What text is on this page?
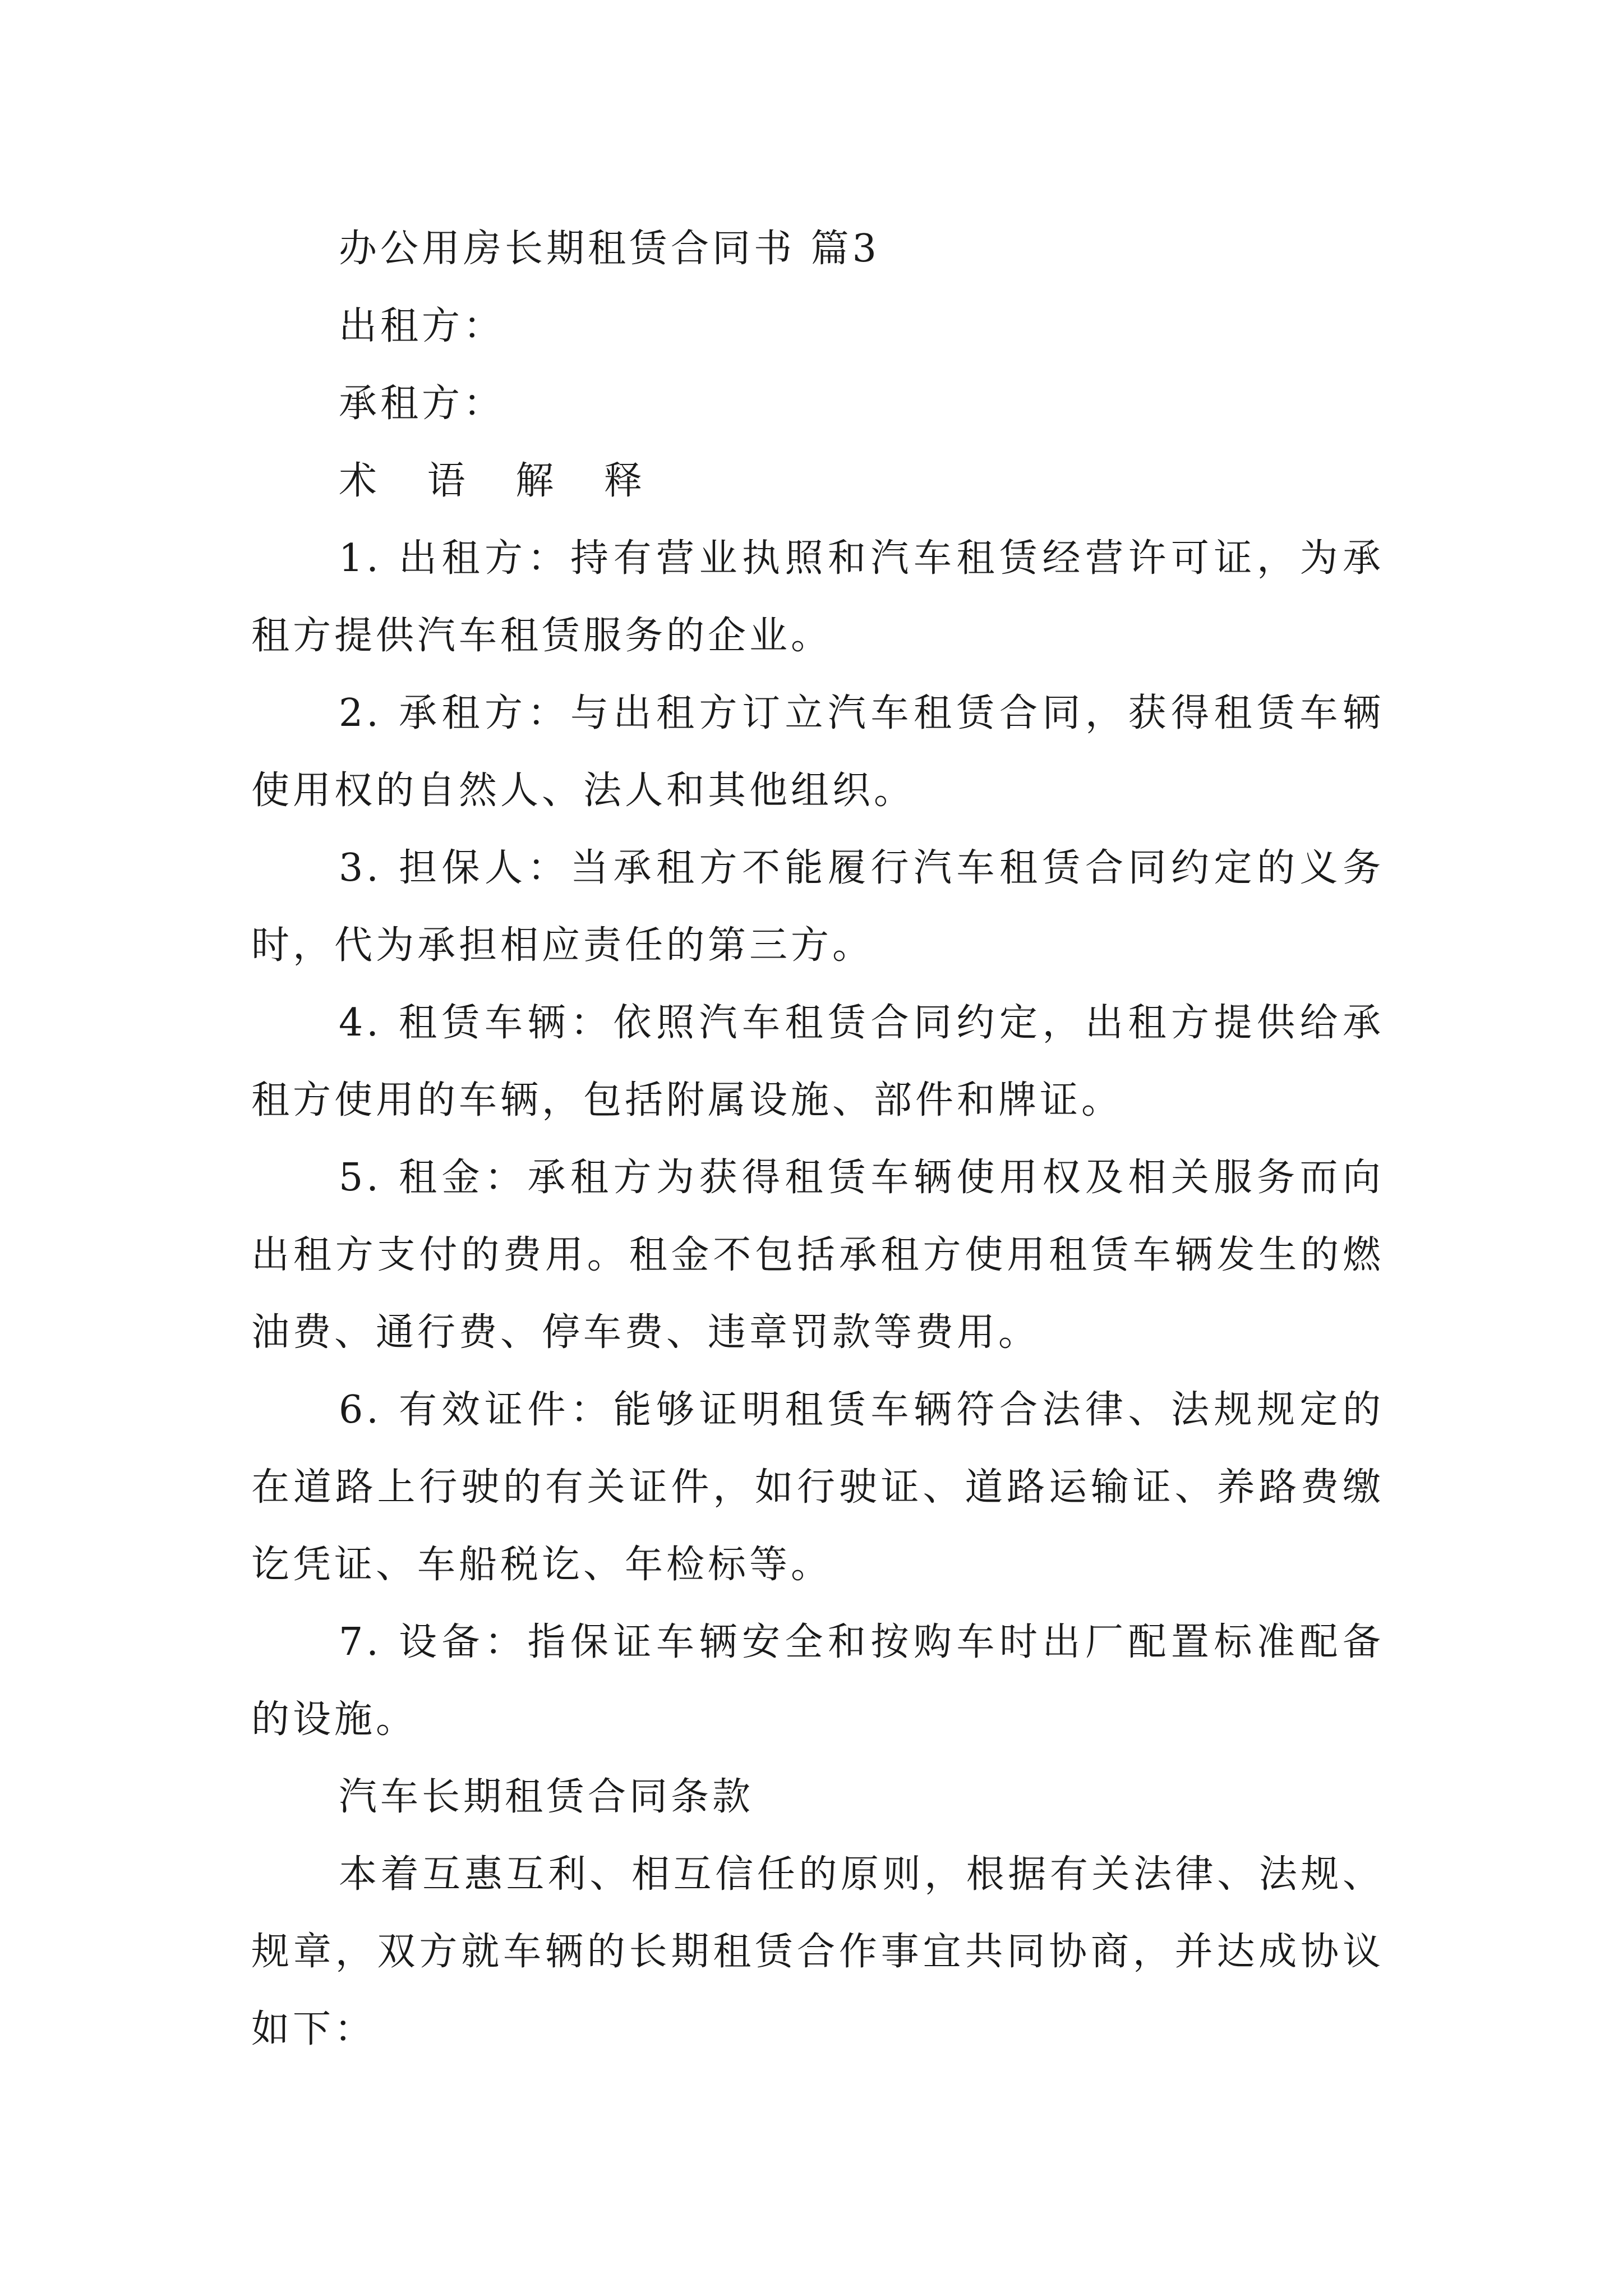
办公用房长期租赁合同书 篇3

出租方：

承租方：

术 语 解 释

1. 出租方：持有营业执照和汽车租赁经营许可证，为承租方提供汽车租赁服务的企业。

2. 承租方：与出租方订立汽车租赁合同，获得租赁车辆使用权的自然人、法人和其他组织。

3. 担保人：当承租方不能履行汽车租赁合同约定的义务时，代为承担相应责任的第三方。

4. 租赁车辆：依照汽车租赁合同约定，出租方提供给承租方使用的车辆，包括附属设施、部件和牌证。

5. 租金：承租方为获得租赁车辆使用权及相关服务而向出租方支付的费用。租金不包括承租方使用租赁车辆发生的燃油费、通行费、停车费、违章罚款等费用。

6. 有效证件：能够证明租赁车辆符合法律、法规规定的在道路上行驶的有关证件，如行驶证、道路运输证、养路费缴讫凭证、车船税讫、年检标等。

7. 设备：指保证车辆安全和按购车时出厂配置标准配备的设施。

汽车长期租赁合同条款

本着互惠互利、相互信任的原则，根据有关法律、法规、规章，双方就车辆的长期租赁合作事宜共同协商，并达成协议如下：
